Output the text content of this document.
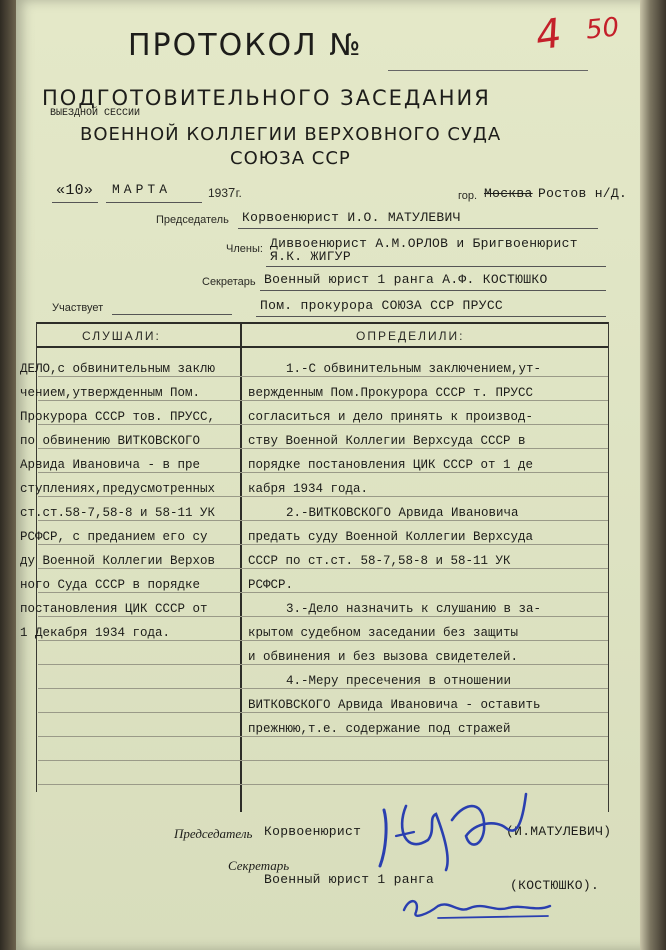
ПРОТОКОЛ №	4 50
ПОДГОТОВИТЕЛЬНОГО ЗАСЕДАНИЯ
ВЫЕЗДНОЙ СЕССИИ
ВОЕННОЙ КОЛЛЕГИИ ВЕРХОВНОГО СУДА
СОЮЗА ССР
«10» МАРТА	1937г.	гор. Москва Ростов н/Д.
Председатель Корвоенюрист И.О. МАТУЛЕВИЧ
Члены: Диввоенюрист А.М.ОРЛОВ и Бригвоенюрист
Я.К. ЖИГУР
Секретарь Военный юрист 1 ранга А.Ф. КОСТЮШКО
Участвует	Пом. прокурора СОЮЗА ССР ПРУСС
СЛУШАЛИ:	ОПРЕДЕЛИЛИ:
ДЕЛО,с обвинительным заклю
чением,утвержденным Пом.
Прокурора СССР тов. ПРУСС,
по обвинению ВИТКОВСКОГО
Арвида Ивановича - в пре
ступлениях,предусмотренных
ст.ст.58-7,58-8 и 58-11 УК
РСФСР, с преданием его су
ду Военной Коллегии Верхов
ного Суда СССР в порядке
постановления ЦИК СССР от
1 Декабря 1934 года.
1.-С обвинительным заключением,ут-
вержденным Пом.Прокурора СССР т. ПРУСС
согласиться и дело принять к производ-
ству Военной Коллегии Верхсуда СССР в
порядке постановления ЦИК СССР от 1 де
кабря 1934 года.
2.-ВИТКОВСКОГО Арвида Ивановича
предать суду Военной Коллегии Верхсуда
СССР по ст.ст. 58-7,58-8 и 58-11 УК
РСФСР.
3.-Дело назначить к слушанию в за-
крытом судебном заседании без защиты
и обвинения и без вызова свидетелей.
4.-Меру пресечения в отношении
ВИТКОВСКОГО Арвида Ивановича - оставить
прежнюю,т.е. содержание под стражей
Председатель Корвоенюрист	(И.МАТУЛЕВИЧ)
Секретарь
Военный юрист 1 ранга	(КОСТЮШКО).
